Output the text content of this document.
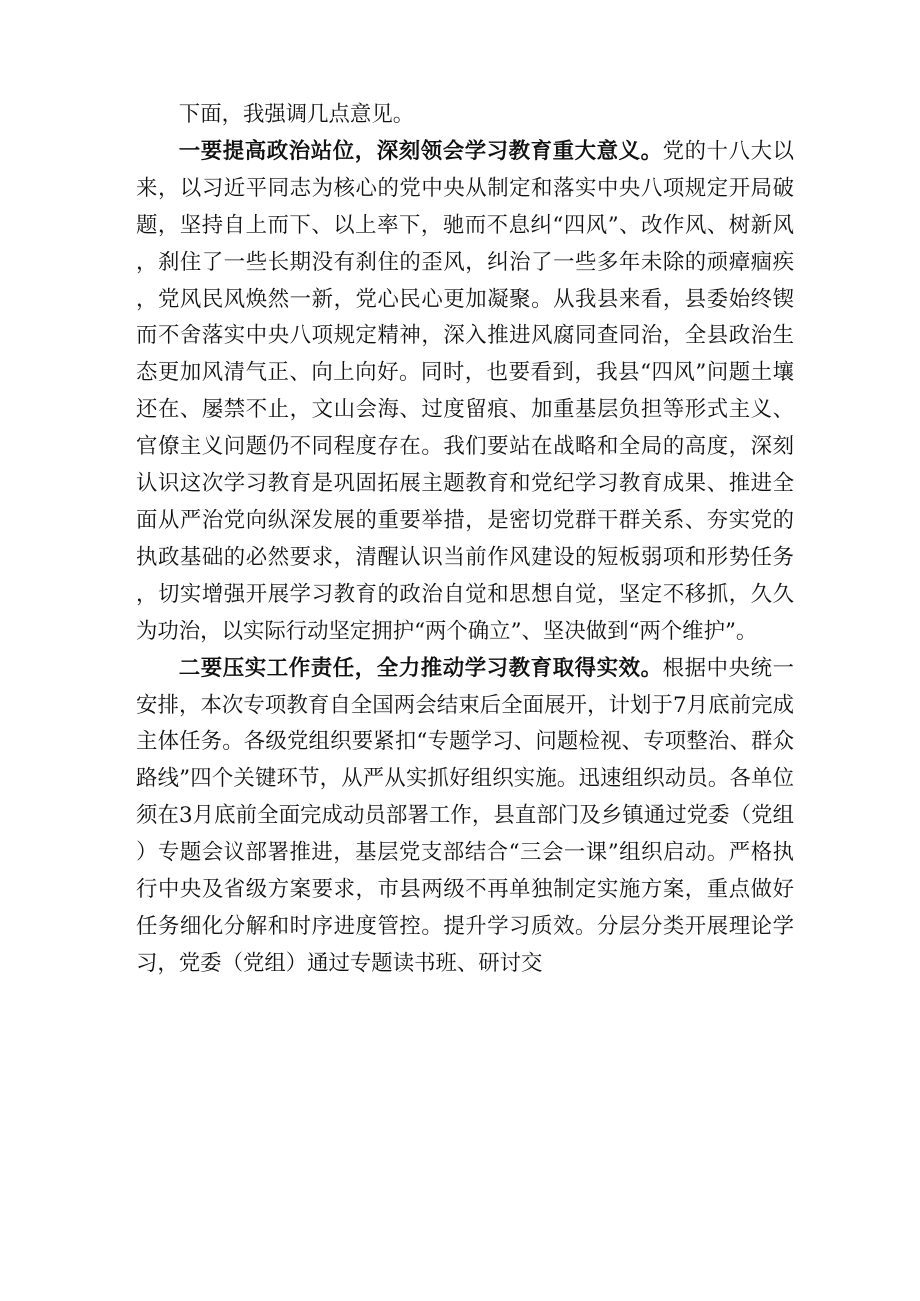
下面，我强调几点意见。

一要提高政治站位，深刻领会学习教育重大意义。党的十八大以来，以习近平同志为核心的党中央从制定和落实中央八项规定开局破题，坚持自上而下、以上率下，驰而不息纠“四风”、改作风、树新风，刹住了一些长期没有刹住的歪风，纠治了一些多年未除的顽瘴痼疾，党风民风焕然一新，党心民心更加凝聚。从我县来看，县委始终锲而不舍落实中央八项规定精神，深入推进风腐同查同治，全县政治生态更加风清气正、向上向好。同时，也要看到，我县“四风”问题土壤还在、屡禁不止，文山会海、过度留痕、加重基层负担等形式主义、官僚主义问题仍不同程度存在。我们要站在战略和全局的高度，深刻认识这次学习教育是巩固拓展主题教育和党纪学习教育成果、推进全面从严治党向纵深发展的重要举措，是密切党群干群关系、夯实党的执政基础的必然要求，清醒认识当前作风建设的短板弱项和形势任务，切实增强开展学习教育的政治自觉和思想自觉，坚定不移抓，久久为功治，以实际行动坚定拥护“两个确立”、坚决做到“两个维护”。

二要压实工作责任，全力推动学习教育取得实效。根据中央统一安排，本次专项教育自全国两会结束后全面展开，计划于7月底前完成主体任务。各级党组织要紧扣“专题学习、问题检视、专项整治、群众路线”四个关键环节，从严从实抓好组织实施。迅速组织动员。各单位须在3月底前全面完成动员部署工作，县直部门及乡镇通过党委（党组）专题会议部署推进，基层党支部结合“三会一课”组织启动。严格执行中央及省级方案要求，市县两级不再单独制定实施方案，重点做好任务细化分解和时序进度管控。提升学习质效。分层分类开展理论学习，党委（党组）通过专题读书班、研讨交
